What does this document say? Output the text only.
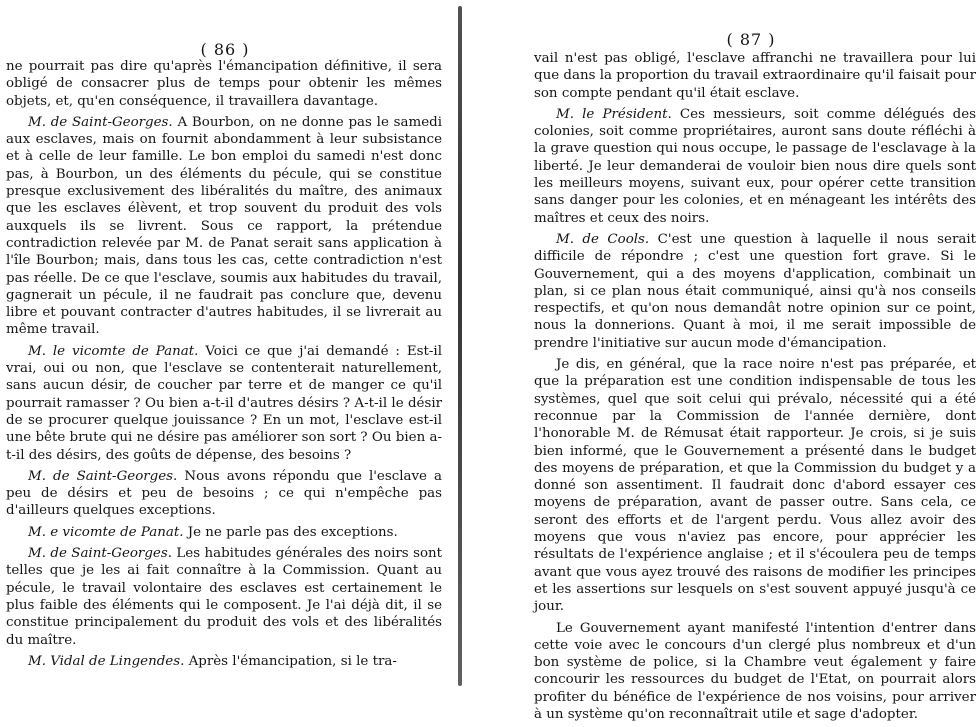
( 86 )

ne pourrait pas dire qu'après l'émancipation définitive, il sera obligé de consacrer plus de temps pour obtenir les mêmes objets, et, qu'en conséquence, il travaillera davantage.

M. de Saint-Georges. A Bourbon, on ne donne pas le samedi aux esclaves, mais on fournit abondamment à leur subsistance et à celle de leur famille. Le bon emploi du samedi n'est donc pas, à Bourbon, un des éléments du pécule, qui se constitue presque exclusivement des libéralités du maître, des animaux que les esclaves élèvent, et trop souvent du produit des vols auxquels ils se livrent. Sous ce rapport, la prétendue contradiction relevée par M. de Panat serait sans application à l'île Bourbon; mais, dans tous les cas, cette contradiction n'est pas réelle. De ce que l'esclave, soumis aux habitudes du travail, gagnerait un pécule, il ne faudrait pas conclure que, devenu libre et pouvant contracter d'autres habitudes, il se livrerait au même travail.

M. le vicomte de Panat. Voici ce que j'ai demandé : Est-il vrai, oui ou non, que l'esclave se contenterait naturellement, sans aucun désir, de coucher par terre et de manger ce qu'il pourrait ramasser ? Ou bien a-t-il d'autres désirs ? A-t-il le désir de se procurer quelque jouissance ? En un mot, l'esclave est-il une bête brute qui ne désire pas améliorer son sort ? Ou bien a-t-il des désirs, des goûts de dépense, des besoins ?

M. de Saint-Georges. Nous avons répondu que l'esclave a peu de désirs et peu de besoins ; ce qui n'empêche pas d'ailleurs quelques exceptions.

M. e vicomte de Panat. Je ne parle pas des exceptions.

M. de Saint-Georges. Les habitudes générales des noirs sont telles que je les ai fait connaître à la Commission. Quant au pécule, le travail volontaire des esclaves est certainement le plus faible des éléments qui le composent. Je l'ai déjà dit, il se constitue principalement du produit des vols et des libéralités du maître.

M. Vidal de Lingendes. Après l'émancipation, si le tra-

( 87 )

vail n'est pas obligé, l'esclave affranchi ne travaillera pour lui que dans la proportion du travail extraordinaire qu'il faisait pour son compte pendant qu'il était esclave.

M. le Président. Ces messieurs, soit comme délégués des colonies, soit comme propriétaires, auront sans doute réfléchi à la grave question qui nous occupe, le passage de l'esclavage à la liberté. Je leur demanderai de vouloir bien nous dire quels sont les meilleurs moyens, suivant eux, pour opérer cette transition sans danger pour les colonies, et en ménageant les intérêts des maîtres et ceux des noirs.

M. de Cools. C'est une question à laquelle il nous serait difficile de répondre ; c'est une question fort grave. Si le Gouvernement, qui a des moyens d'application, combinait un plan, si ce plan nous était communiqué, ainsi qu'à nos conseils respectifs, et qu'on nous demandât notre opinion sur ce point, nous la donnerions. Quant à moi, il me serait impossible de prendre l'initiative sur aucun mode d'émancipation.

Je dis, en général, que la race noire n'est pas préparée, et que la préparation est une condition indispensable de tous les systèmes, quel que soit celui qui prévalo, nécessité qui a été reconnue par la Commission de l'année dernière, dont l'honorable M. de Rémusat était rapporteur. Je crois, si je suis bien informé, que le Gouvernement a présenté dans le budget des moyens de préparation, et que la Commission du budget y a donné son assentiment. Il faudrait donc d'abord essayer ces moyens de préparation, avant de passer outre. Sans cela, ce seront des efforts et de l'argent perdu. Vous allez avoir des moyens que vous n'aviez pas encore, pour apprécier les résultats de l'expérience anglaise ; et il s'écoulera peu de temps avant que vous ayez trouvé des raisons de modifier les principes et les assertions sur lesquels on s'est souvent appuyé jusqu'à ce jour.

Le Gouvernement ayant manifesté l'intention d'entrer dans cette voie avec le concours d'un clergé plus nombreux et d'un bon système de police, si la Chambre veut également y faire concourir les ressources du budget de l'Etat, on pourrait alors profiter du bénéfice de l'expérience de nos voisins, pour arriver à un système qu'on reconnaîtrait utile et sage d'adopter.
